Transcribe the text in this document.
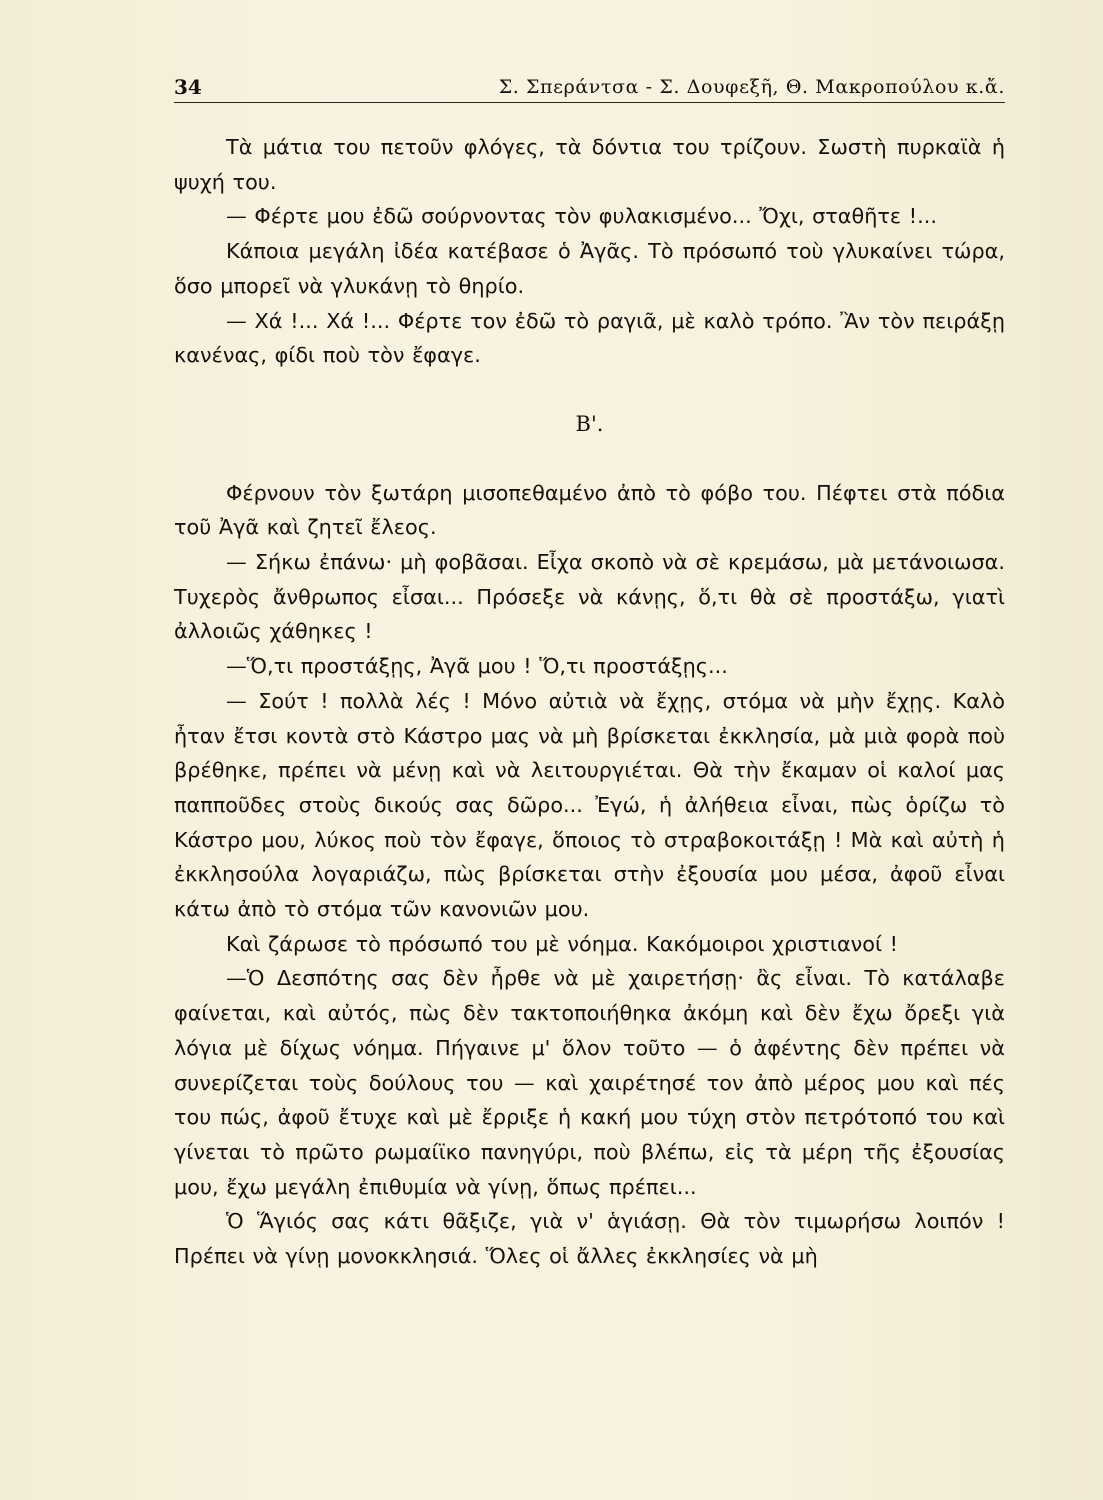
34	Σ. Σπεράντσα - Σ. Δουφεξῆ, Θ. Μακροπούλου κ.ἄ.

Τὰ μάτια του πετοῦν φλόγες, τὰ δόντια του τρίζουν. Σωστὴ πυρκαϊὰ ἡ ψυχή του.

— Φέρτε μου ἐδῶ σούρνοντας τὸν φυλακισμένο... Ὄχι, σταθῆτε !...

Κάποια μεγάλη ἰδέα κατέβασε ὁ Ἀγᾶς. Τὸ πρόσωπό τοὺ γλυκαίνει τώρα, ὅσο μπορεῖ νὰ γλυκάνῃ τὸ θηρίο.

— Χά !... Χά !... Φέρτε τον ἐδῶ τὸ ραγιᾶ, μὲ καλὸ τρόπο. Ἂν τὸν πειράξῃ κανένας, φίδι ποὺ τὸν ἔφαγε.

Β'.

Φέρνουν τὸν ξωτάρη μισοπεθαμένο ἀπὸ τὸ φόβο του. Πέφτει στὰ πόδια τοῦ Ἀγᾶ καὶ ζητεῖ ἔλεος.

— Σήκω ἐπάνω· μὴ φοβᾶσαι. Εἶχα σκοπὸ νὰ σὲ κρεμάσω, μὰ μετάνοιωσα. Τυχερὸς ἄνθρωπος εἶσαι... Πρόσεξε νὰ κάνῃς, ὅ,τι θὰ σὲ προστάξω, γιατὶ ἀλλοιῶς χάθηκες !

—Ὅ,τι προστάξῃς, Ἀγᾶ μου ! Ὅ,τι προστάξῃς...

— Σούτ ! πολλὰ λές ! Μόνο αὐτιὰ νὰ ἔχῃς, στόμα νὰ μὴν ἔχῃς. Καλὸ ἦταν ἔτσι κοντὰ στὸ Κάστρο μας νὰ μὴ βρίσκεται ἐκκλησία, μὰ μιὰ φορὰ ποὺ βρέθηκε, πρέπει νὰ μένῃ καὶ νὰ λειτουργιέται. Θὰ τὴν ἔκαμαν οἱ καλοί μας παπποῦδες στοὺς δικούς σας δῶρο... Ἐγώ, ἡ ἀλήθεια εἶναι, πὼς ὁρίζω τὸ Κάστρο μου, λύκος ποὺ τὸν ἔφαγε, ὅποιος τὸ στραβοκοιτάξῃ ! Μὰ καὶ αὐτὴ ἡ ἐκκλησούλα λογαριάζω, πὼς βρίσκεται στὴν ἐξουσία μου μέσα, ἀφοῦ εἶναι κάτω ἀπὸ τὸ στόμα τῶν κανονιῶν μου.

Καὶ ζάρωσε τὸ πρόσωπό του μὲ νόημα. Κακόμοιροι χριστιανοί !

—Ὁ Δεσπότης σας δὲν ἦρθε νὰ μὲ χαιρετήσῃ· ἂς εἶναι. Τὸ κατάλαβε φαίνεται, καὶ αὐτός, πὼς δὲν τακτοποιήθηκα ἀκόμη καὶ δὲν ἔχω ὄρεξι γιὰ λόγια μὲ δίχως νόημα. Πήγαινε μ' ὅλον τοῦτο — ὁ ἀφέντης δὲν πρέπει νὰ συνερίζεται τοὺς δούλους του — καὶ χαιρέτησέ τον ἀπὸ μέρος μου καὶ πές του πώς, ἀφοῦ ἔτυχε καὶ μὲ ἔρριξε ἡ κακή μου τύχη στὸν πετρότοπό του καὶ γίνεται τὸ πρῶτο ρωμαίϊκο πανηγύρι, ποὺ βλέπω, εἰς τὰ μέρη τῆς ἐξουσίας μου, ἔχω μεγάλη ἐπιθυμία νὰ γίνῃ, ὅπως πρέπει...

Ὁ Ἅγιός σας κάτι θᾶξιζε, γιὰ ν' ἁγιάσῃ. Θὰ τὸν τιμωρήσω λοιπόν ! Πρέπει νὰ γίνῃ μονοκκλησιά. Ὅλες οἱ ἄλλες ἐκκλησίες νὰ μὴ
